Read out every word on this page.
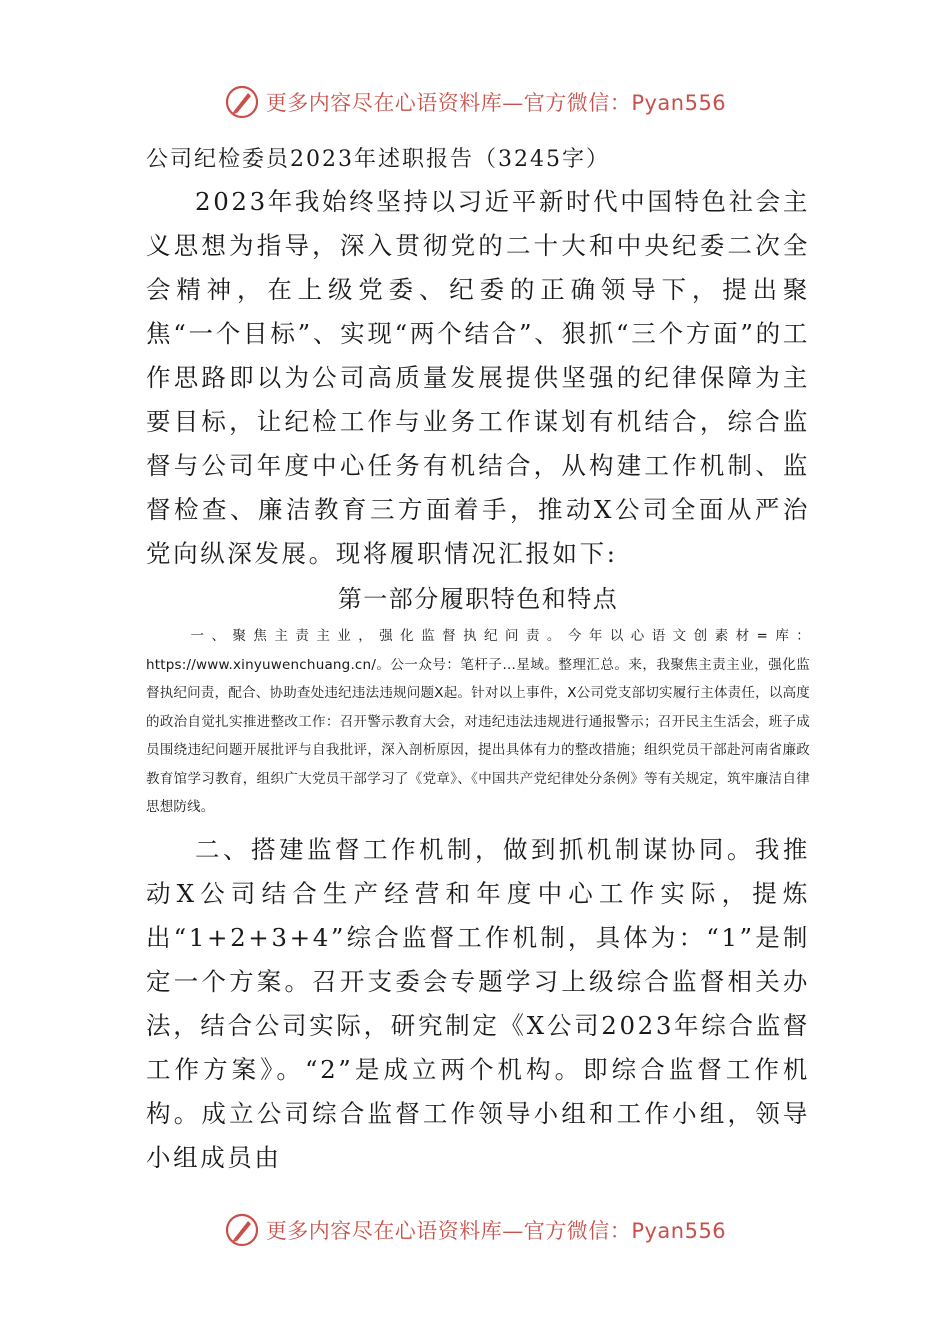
更多内容尽在心语资料库—官方微信：Pyan556

公司纪检委员2023年述职报告（3245字）

2023年我始终坚持以习近平新时代中国特色社会主义思想为指导，深入贯彻党的二十大和中央纪委二次全会精神，在上级党委、纪委的正确领导下，提出聚焦“一个目标”、实现“两个结合”、狠抓“三个方面”的工作思路即以为公司高质量发展提供坚强的纪律保障为主要目标，让纪检工作与业务工作谋划有机结合，综合监督与公司年度中心任务有机结合，从构建工作机制、监督检查、廉洁教育三方面着手，推动X公司全面从严治党向纵深发展。现将履职情况汇报如下:

第一部分履职特色和特点

一、聚焦主责主业，强化监督执纪问责。今年以心语文创素材=库：https://www.xinyuwenchuang.cn/。公一众号：笔杆子…星域。整理汇总。来，我聚焦主责主业，强化监督执纪问责，配合、协助查处违纪违法违规问题X起。针对以上事件，X公司党支部切实履行主体责任，以高度的政治自觉扎实推进整改工作：召开警示教育大会，对违纪违法违规进行通报警示；召开民主生活会，班子成员围绕违纪问题开展批评与自我批评，深入剖析原因，提出具体有力的整改措施；组织党员干部赴河南省廉政教育馆学习教育，组织广大党员干部学习了《党章》、《中国共产党纪律处分条例》等有关规定，筑牢廉洁自律思想防线。

二、搭建监督工作机制，做到抓机制谋协同。我推动X公司结合生产经营和年度中心工作实际，提炼出“1+2+3+4”综合监督工作机制，具体为：“1”是制定一个方案。召开支委会专题学习上级综合监督相关办法，结合公司实际，研究制定《X公司2023年综合监督工作方案》。“2”是成立两个机构。即综合监督工作机构。成立公司综合监督工作领导小组和工作小组，领导小组成员由

更多内容尽在心语资料库—官方微信：Pyan556
